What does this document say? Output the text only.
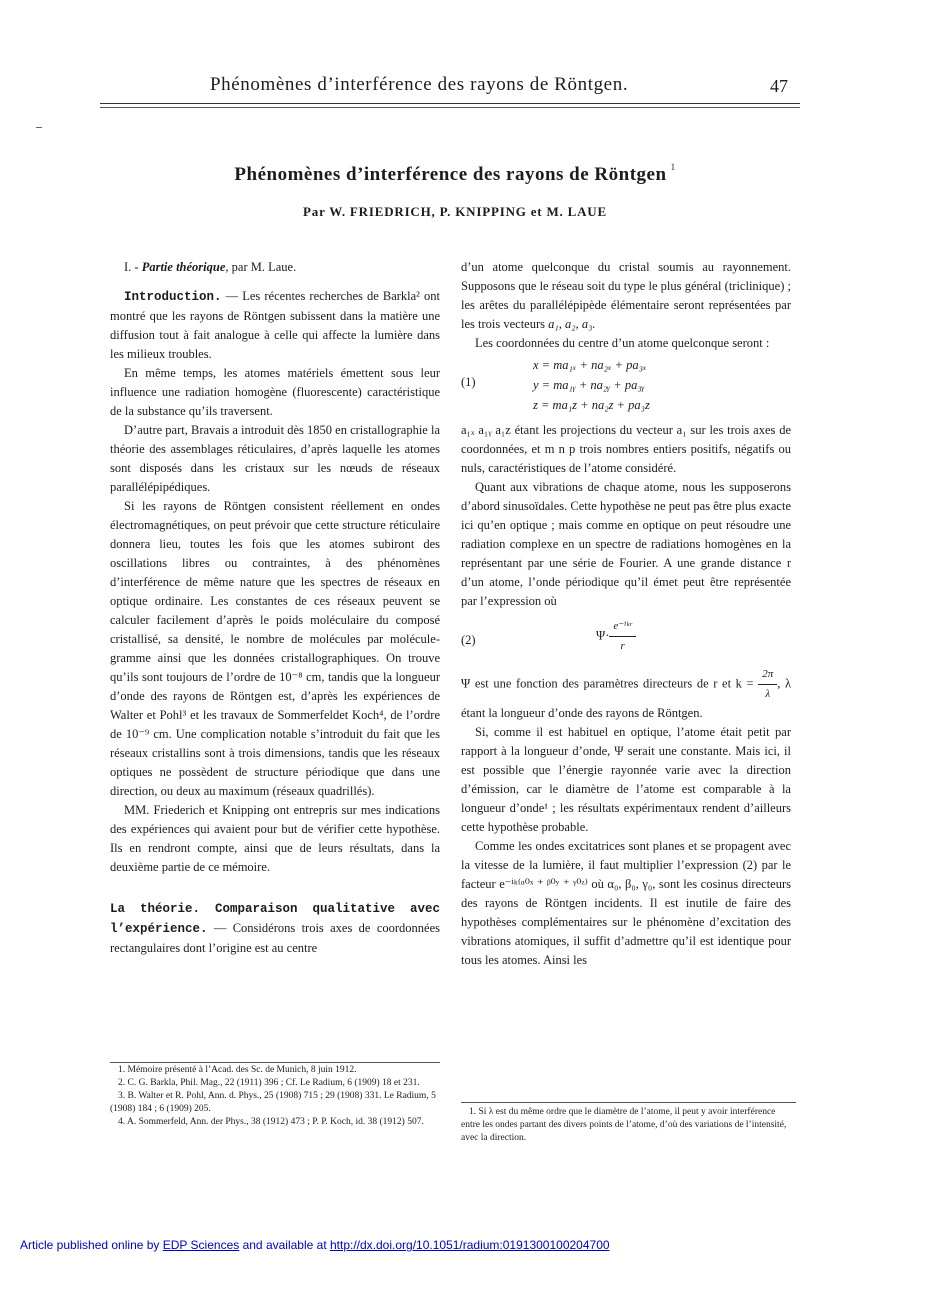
Phénomènes d’interférence des rayons de Röntgen.	47
Phénomènes d’interférence des rayons de Röntgen $^1$
Par W. FRIEDRICH, P. KNIPPING et M. LAUE

I. - Partie théorique, par M. Laue.

Introduction. — Les récentes recherches de Barkla² ont montré que les rayons de Röntgen subissent dans la matière une diffusion tout à fait analogue à celle qui affecte la lumière dans les milieux troubles.

En même temps, les atomes matériels émettent sous leur influence une radiation homogène (fluorescente) caractéristique de la substance qu’ils traversent.

D’autre part, Bravais a introduit dès 1850 en cristallographie la théorie des assemblages réticulaires, d’après laquelle les atomes sont disposés dans les cristaux sur les nœuds de réseaux parallélépipédiques.

Si les rayons de Röntgen consistent réellement en ondes électromagnétiques, on peut prévoir que cette structure réticulaire donnera lieu, toutes les fois que les atomes subiront des oscillations libres ou contraintes, à des phénomènes d’interférence de même nature que les spectres de réseaux en optique ordinaire. Les constantes de ces réseaux peuvent se calculer facilement d’après le poids moléculaire du composé cristallisé, sa densité, le nombre de molécules par molécule-gramme ainsi que les données cristallographiques. On trouve qu’ils sont toujours de l’ordre de 10⁻⁸ cm, tandis que la longueur d’onde des rayons de Röntgen est, d’après les expériences de Walter et Pohl³ et les travaux de Sommerfeldet Koch⁴, de l’ordre de 10⁻⁹ cm. Une complication notable s’introduit du fait que les réseaux cristallins sont à trois dimensions, tandis que les réseaux optiques ne possèdent de structure périodique que dans une direction, ou deux au maximum (réseaux quadrillés).

MM. Friederich et Knipping ont entrepris sur mes indications des expériences qui avaient pour but de vérifier cette hypothèse. Ils en rendront compte, ainsi que de leurs résultats, dans la deuxième partie de ce mémoire.

La théorie. Comparaison qualitative avec l’expérience. — Considérons trois axes de coordonnées rectangulaires dont l’origine est au centre

1. Mémoire présenté à l’Acad. des Sc. de Munich, 8 juin 1912.

2. C. G. Barkla, Phil. Mag., 22 (1911) 396 ; Cf. Le Radium, 6 (1909) 18 et 231.

3. B. Walter et R. Pohl, Ann. d. Phys., 25 (1908) 715 ; 29 (1908) 331. Le Radium, 5 (1908) 184 ; 6 (1909) 205.

4. A. Sommerfeld, Ann. der Phys., 38 (1912) 473 ; P. P. Koch, id. 38 (1912) 507.

d’un atome quelconque du cristal soumis au rayonnement. Supposons que le réseau soit du type le plus général (triclinique) ; les arêtes du parallélépipède élémentaire seront représentées par les trois vecteurs a₁, a₂, a₃.

Les coordonnées du centre d’un atome quelconque seront :

(1)
x = ma₁ₓ + na₂ₓ + pa₃ₓ
y = ma₁ᵧ + na₂ᵧ + pa₃ᵧ
z = ma₁z + na₂z + pa₃z

a₁ₓ a₁ᵧ a₁z étant les projections du vecteur a₁ sur les trois axes de coordonnées, et m n p trois nombres entiers positifs, négatifs ou nuls, caractéristiques de l’atome considéré.

Quant aux vibrations de chaque atome, nous les supposerons d’abord sinusoïdales. Cette hypothèse ne peut pas être plus exacte ici qu’en optique ; mais comme en optique on peut résoudre une radiation complexe en un spectre de radiations homogènes en la représentant par une série de Fourier. A une grande distance r d’un atome, l’onde périodique qu’il émet peut être représentée par l’expression où

(2)	$\Psi\cdot \frac{\text{e⁻ⁱᵏʳ}}{r}$

Ψ est une fonction des paramètres directeurs de r et $k = \frac{2\pi}{\lambda}$ , λ étant la longueur d’onde des rayons de Röntgen.

Si, comme il est habituel en optique, l’atome était petit par rapport à la longueur d’onde, Ψ serait une constante. Mais ici, il est possible que l’énergie rayonnée varie avec la direction d’émission, car le diamètre de l’atome est comparable à la longueur d’onde¹ ; les résultats expérimentaux rendent d’ailleurs cette hypothèse probable.

Comme les ondes excitatrices sont planes et se propagent avec la vitesse de la lumière, il faut multiplier l’expression (2) par le facteur e⁻ⁱᵏ⁽ᵅ⁰ˣ ⁺ ᵝ⁰ʸ ⁺ ᵞ⁰ᶻ⁾ où α₀, β₀, γ₀, sont les cosinus directeurs des rayons de Röntgen incidents. Il est inutile de faire des hypothèses complémentaires sur le phénomène d’excitation des vibrations atomiques, il suffit d’admettre qu’il est identique pour tous les atomes. Ainsi les

1. Si λ est du même ordre que le diamètre de l’atome, il peut y avoir interférence entre les ondes partant des divers points de l’atome, d’où des variations de l’intensité, avec la direction.

Article published online by EDP Sciences and available at http://dx.doi.org/10.1051/radium:0191300100204700
